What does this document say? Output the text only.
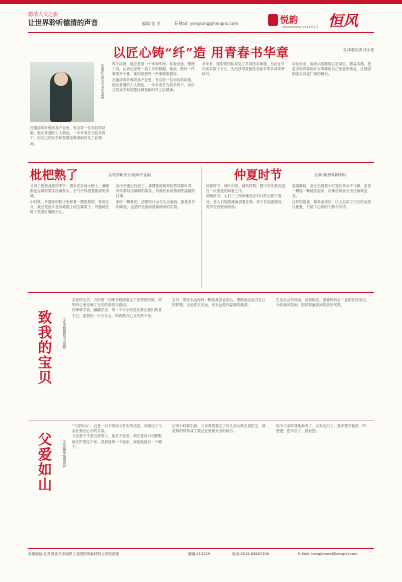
德清人文之旅
让世界聆听德清的声音	编辑 张 芳	E-Mail: yengsong@hengnu.com	悦韵
SUPPLEMENT 2014年5月 恒风
以匠心铸“纤”造 用青春书华章	文/本报记者 沈小美
沈丽红 用巧手书写青春

在德清的纤维织品产业里，有这样一位年轻的姑娘，她从普通的工人做起，一步步成长为技术骨干，用自己的双手和智慧诠释着新时代工匠精神。

每天清晨，她总是第一个来到车间，检查设备，整理工具，认真记录每一道工序的数据。她说，做好一件事情并不难，难的是把每一件事情都做好。

在德清的纤维织品产业里，有这样一位年轻的姑娘，她从普通的工人做起，一步步成长为技术骨干，用自己的双手和智慧诠释着新时代工匠精神。

多年来，她带领团队攻克了多项技术难题，为企业节约成本数十万元，先后获得县级技术能手等多项荣誉称号。

谈及未来，她表示将继续立足岗位，精益求精，把更多的青春和汗水奉献给自己热爱的事业，让德清制造走向更广阔的舞台。

枇杷熟了	文/吴学娜 恒力/吴萍(产业局)

又到了枇杷成熟的季节，漫步在乡间小路上，满眼都是金黄的果实挂满枝头，空气中弥漫着甜甜的香味。

小时候，外婆家的院子里种着一棵枇杷树，每到五月，我总是迫不及待地爬上树去摘果子，外婆就在树下笑着叮嘱我小心。

如今外婆已经老了，那棵枇杷树却依然枝繁叶茂，每年都结出满树的果实，仿佛在诉说着那些温暖的往事。

剥开一颗枇杷，清甜的汁水在舌尖流淌，那是家乡的味道，也是时光留给我最珍贵的礼物。

仲夏时节	文/黄 瑛(恒风新材料)

仲夏时节，荷叶田田，蛙鸣阵阵，整个村庄都沉浸在一片葱茏的绿意之中。

傍晚时分，人们三三两两地坐在村口的大树下乘凉，老人们摇着蒲扇讲着往事，孩子们追逐嬉戏，笑声在田野间回荡。

夜幕降临，萤火虫提着小灯笼在草丛中飞舞，星星一颗接一颗地亮起来，仿佛在和萤火虫比赛谁更亮。

这样的夏夜，简单而美好，让人忘却了白日的炎热与疲惫，只留下心底的宁静与安详。

致我的宝贝	文/朱晓敏(恒力诗歌)

亲爱的宝贝，当你第一次睁开眼睛看这个世界的时候，妈妈的心里充满了无尽的喜悦与感动。

你咿呀学语，蹒跚学步，每一个小小的进步都让我们欣喜不已。看着你一天天长大，妈妈既开心又有些不舍。

宝贝，愿你永远保持一颗纯真善良的心，勇敢地去追寻自己的梦想。无论你走多远，家永远是你温暖的港湾。

生活总会有风雨，但请相信，爸爸妈妈会一直陪在你身边，为你遮风挡雨，陪你看遍世间的美好风景。

父爱如山	文/沈佩华(德清县)

“父爱如山”，这是一句平常而又朴实的话语，却道出了父亲在我们心中的分量。

父亲是个不善言辞的人，他从不说爱，却总是用行动默默地守护着这个家。清晨他第一个起床，深夜他最后一个睡下。

记得小时候生病，父亲背着我走了好几里山路去看医生，那宽厚的脊背成了我记忆里最安全的地方。

如今父亲的背渐渐弯了，头发也白了，我多想对他说一声：爸爸，您辛苦了，我爱您。

本报地址:江苏省宜兴市周铁工业园恒风新材料公司经营部	邮编:215229	电话:0512-63607100	E-Mail: hengjinews@hengnu.com
